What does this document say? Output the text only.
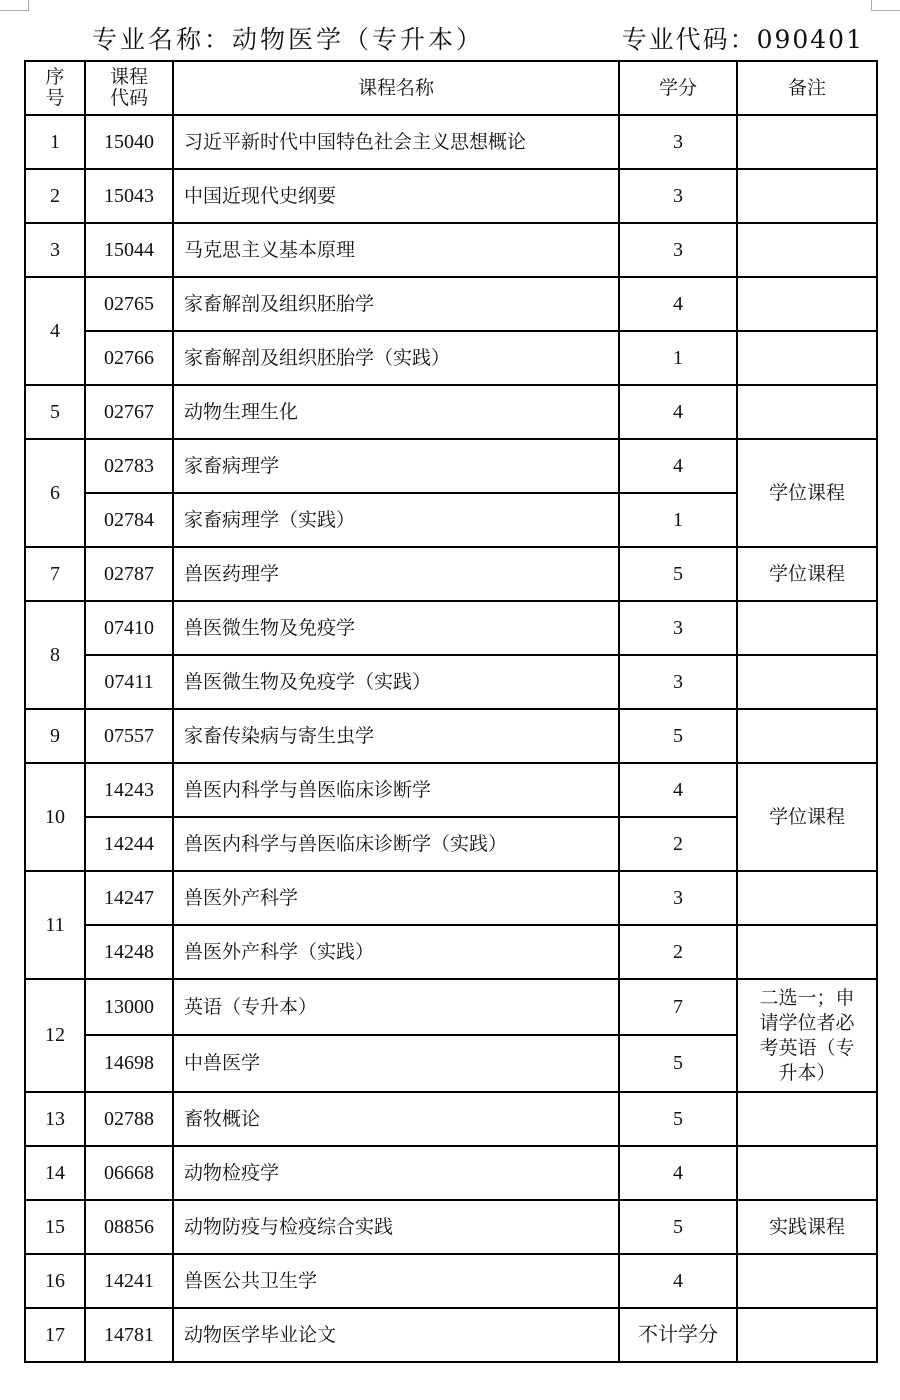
专业名称：动物医学（专升本）	专业代码：090401
序号	课程代码	课程名称	学分	备注
1	15040	习近平新时代中国特色社会主义思想概论	3	
2	15043	中国近现代史纲要	3	
3	15044	马克思主义基本原理	3	
4	02765	家畜解剖及组织胚胎学	4	
	02766	家畜解剖及组织胚胎学（实践）	1	
5	02767	动物生理生化	4	
6	02783	家畜病理学	4	学位课程

	02784	家畜病理学（实践）	1	
7	02787	兽医药理学	5	学位课程

8	07410	兽医微生物及免疫学	3	
	07411	兽医微生物及免疫学（实践）	3	
9	07557	家畜传染病与寄生虫学	5	
10	14243	兽医内科学与兽医临床诊断学	4	学位课程

	14244	兽医内科学与兽医临床诊断学（实践）	2	
11	14247	兽医外产科学	3	
	14248	兽医外产科学（实践）	2	
12	13000	英语（专升本）	7	二选一；申请学位者必考英语（专升本）

	14698	中兽医学	5	
13	02788	畜牧概论	5	
14	06668	动物检疫学	4	
15	08856	动物防疫与检疫综合实践	5	实践课程

16	14241	兽医公共卫生学	4	
17	14781	动物医学毕业论文	不计学分	
